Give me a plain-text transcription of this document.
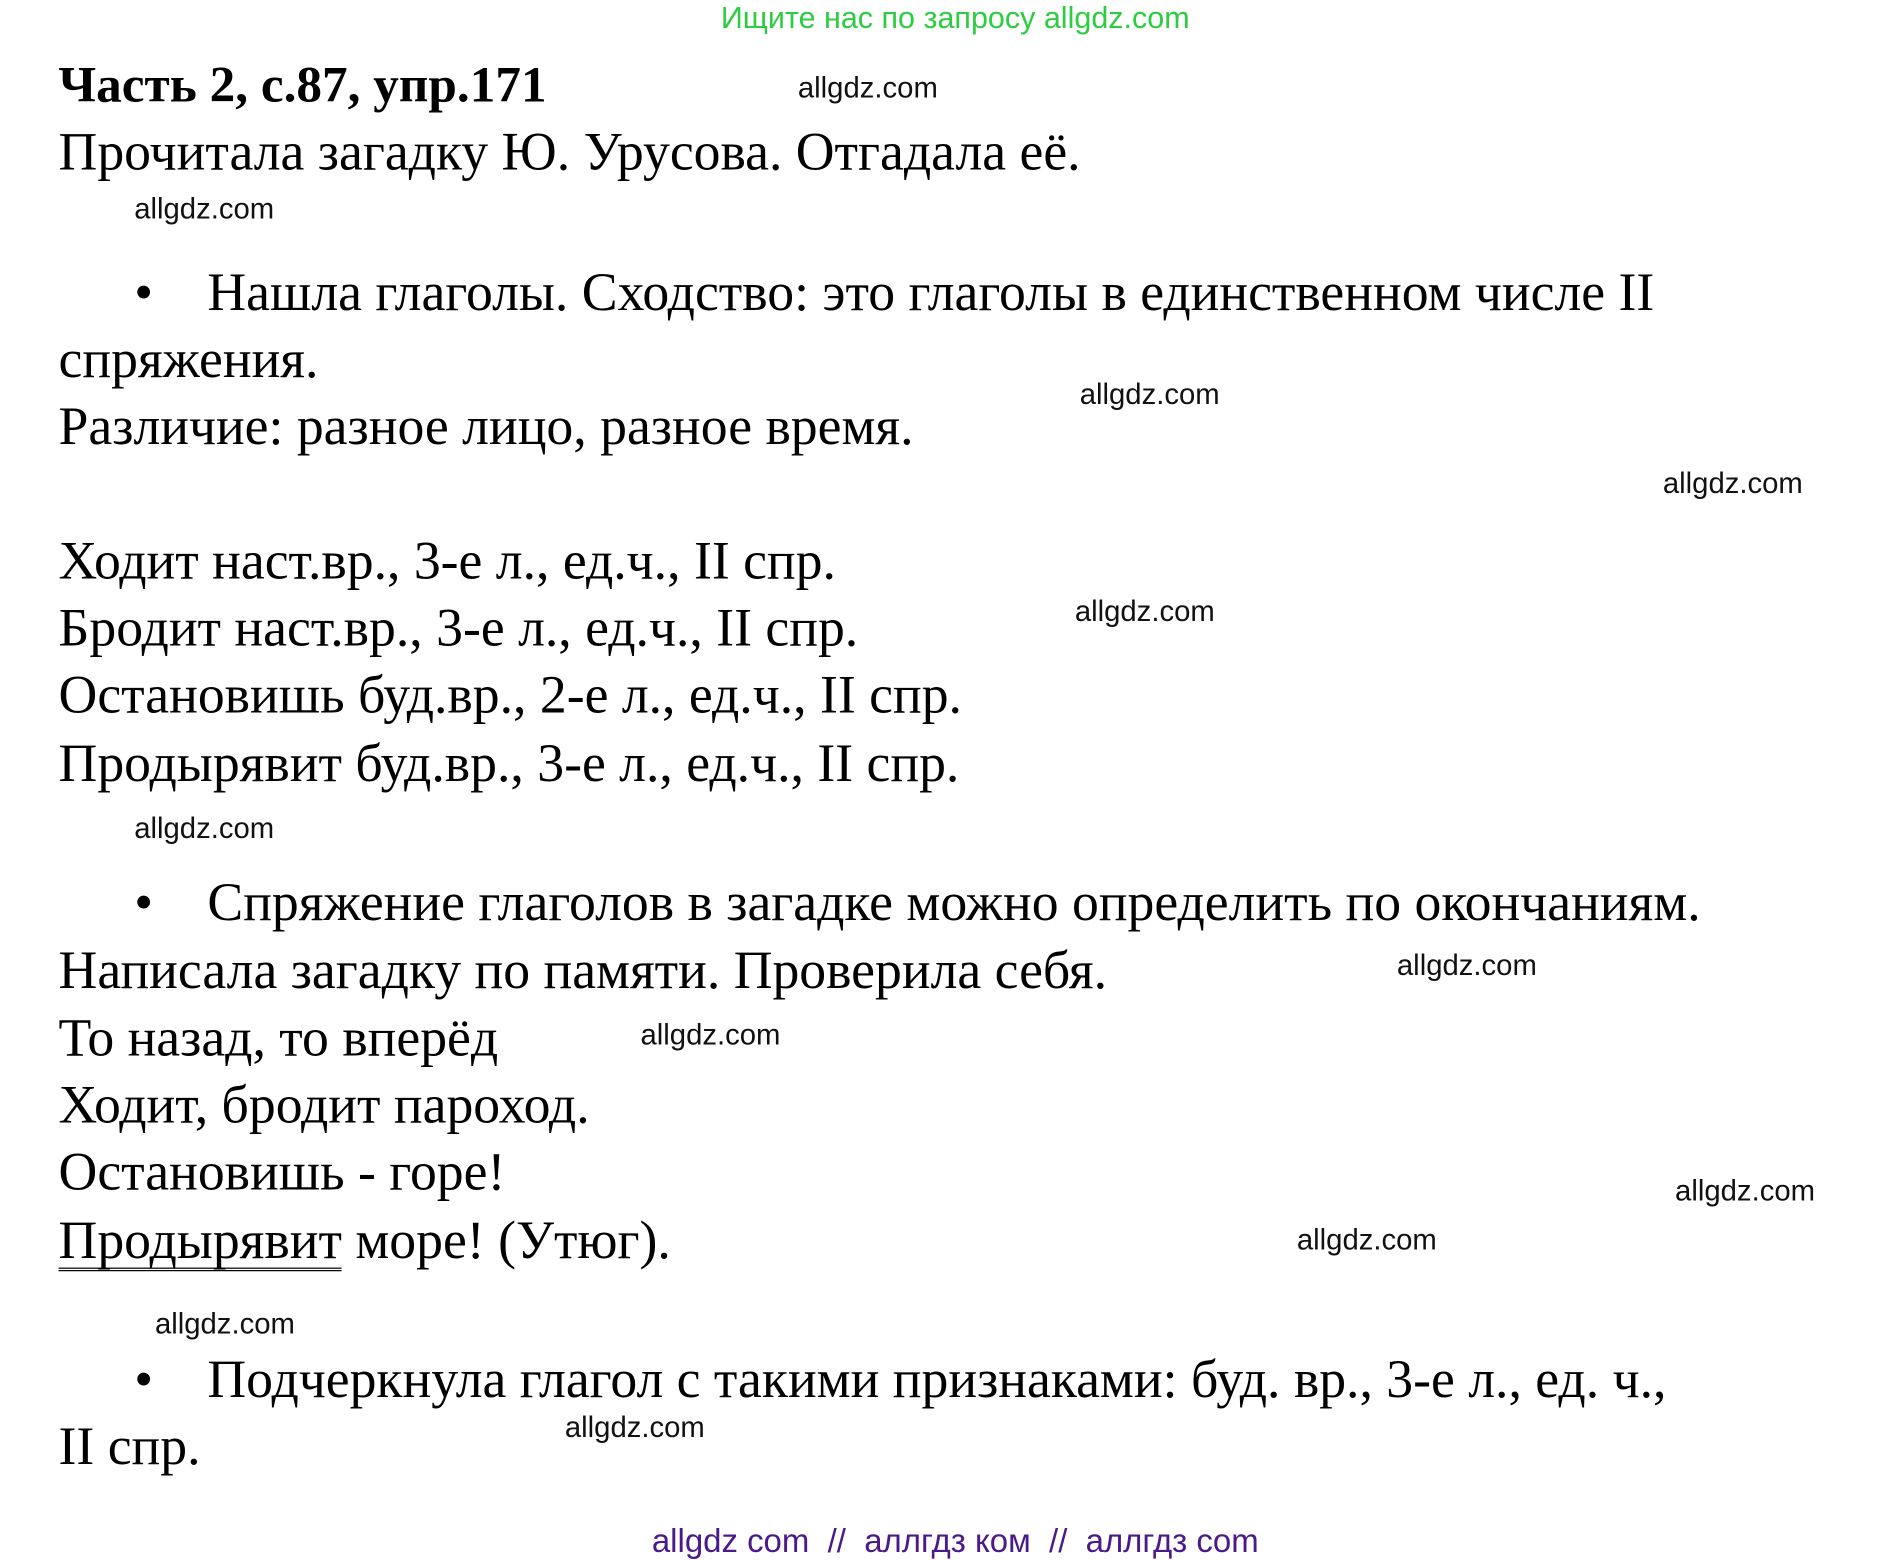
Ищите нас по запросу allgdz.com
Часть 2, с.87, упр.171
Прочитала загадку Ю. Урусова. Отгадала её.
• Нашла глаголы. Сходство: это глаголы в единственном числе II
спряжения.
Различие: разное лицо, разное время.
Ходит наст.вр., 3-е л., ед.ч., II спр.
Бродит наст.вр., 3-е л., ед.ч., II спр.
Остановишь буд.вр., 2-е л., ед.ч., II спр.
Продырявит буд.вр., 3-е л., ед.ч., II спр.
• Спряжение глаголов в загадке можно определить по окончаниям.
Написала загадку по памяти. Проверила себя.
То назад, то вперёд
Ходит, бродит пароход.
Остановишь - горе!
Продырявит море! (Утюг).
• Подчеркнула глагол с такими признаками: буд. вр., 3-е л., ед. ч.,
II спр.
allgdz.com
allgdz.com
allgdz.com
allgdz.com
allgdz.com
allgdz.com
allgdz.com
allgdz.com
allgdz.com
allgdz.com
allgdz.com
allgdz.com
allgdz com  //  аллгдз ком  //  аллгдз com
